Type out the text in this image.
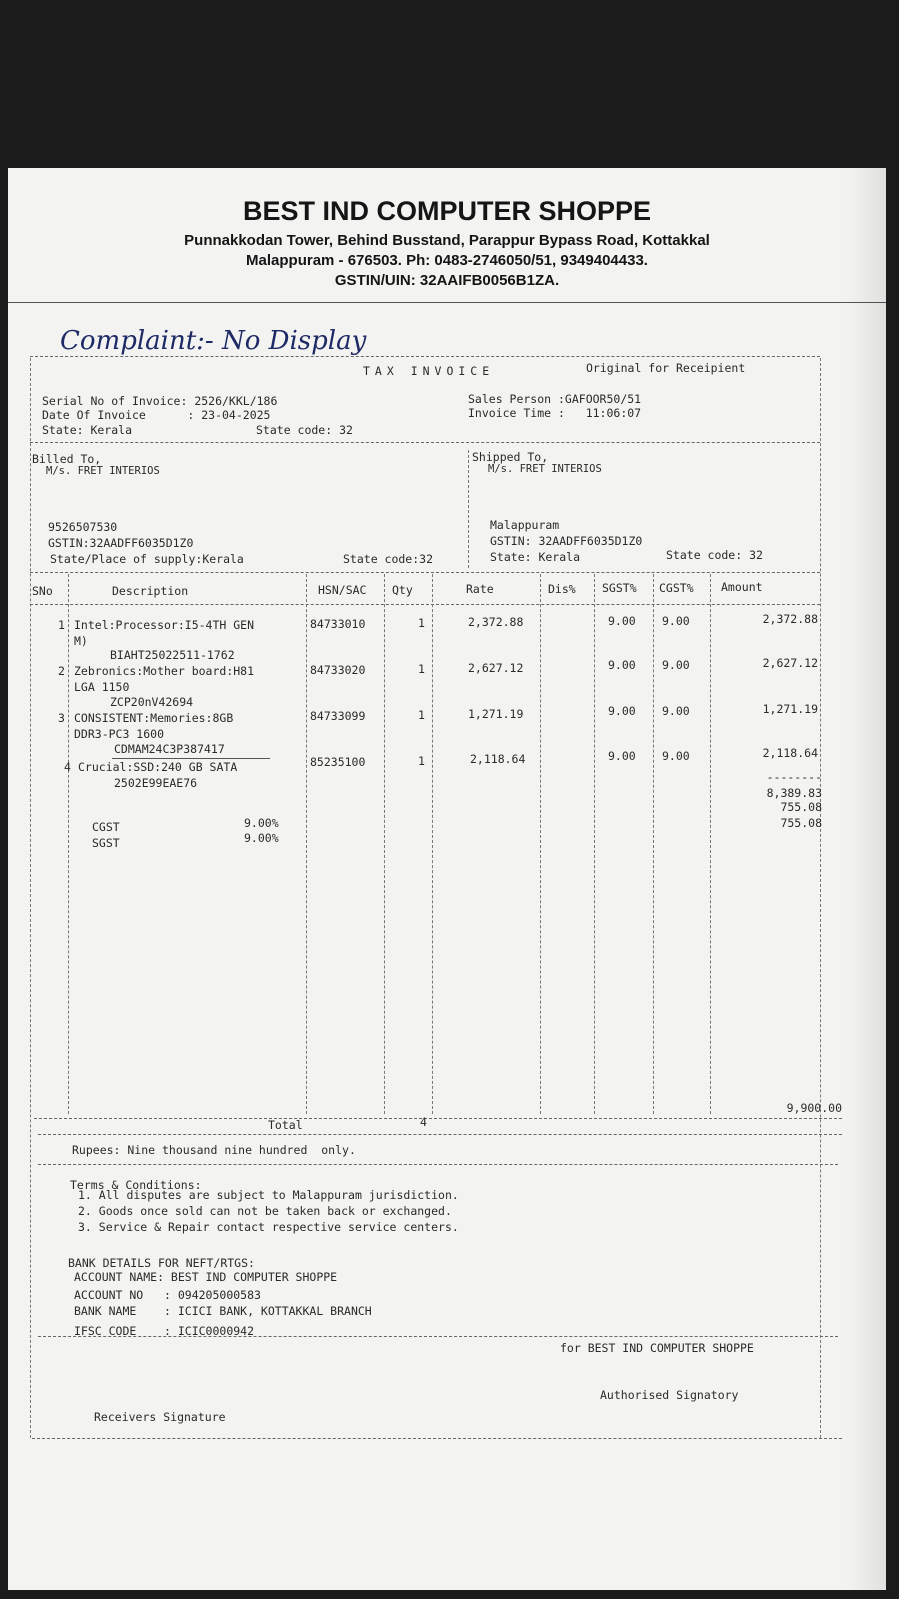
BEST IND COMPUTER SHOPPE
Punnakkodan Tower, Behind Busstand, Parappur Bypass Road, Kottakkal
Malappuram - 676503. Ph: 0483-2746050/51, 9349404433.
GSTIN/UIN: 32AAIFB0056B1ZA.
Complaint:- No Display
TAX INVOICE	Original for Receipient
Serial No of Invoice: 2526/KKL/186
Date Of Invoice      : 23-04-2025
State: Kerala	State code: 32
Sales Person :GAFOOR50/51
Invoice Time :   11:06:07
Billed To,
M/s. FRET INTERIOS
9526507530
GSTIN:32AADFF6035D1Z0
State/Place of supply:Kerala	State code:32
Shipped To,
M/s. FRET INTERIOS
Malappuram
GSTIN: 32AADFF6035D1Z0
State: Kerala	State code: 32
SNo	Description	HSN/SAC Qty	Rate	Dis% SGST% CGST% Amount
1 Intel:Processor:I5-4TH GEN
M)
BIAHT25022511-1762
84733010	1	2,372.88	9.00 9.00	2,372.88
2 Zebronics:Mother board:H81
LGA 1150
ZCP20nV42694
84733020	1	2,627.12	9.00 9.00	2,627.12
3 CONSISTENT:Memories:8GB
DDR3-PC3 1600
CDMAM24C3P387417
84733099	1	1,271.19	9.00 9.00	1,271.19
4 Crucial:SSD:240 GB SATA
2502E99EAE76
85235100	1	2,118.64	9.00 9.00	2,118.64
--------
8,389.83
CGST	9.00%
755.08
SGST	9.00%
755.08
9,900.00
Total	4
Rupees: Nine thousand nine hundred  only.
Terms & Conditions:
1. All disputes are subject to Malappuram jurisdiction.
2. Goods once sold can not be taken back or exchanged.
3. Service & Repair contact respective service centers.
BANK DETAILS FOR NEFT/RTGS:
ACCOUNT NAME: BEST IND COMPUTER SHOPPE
ACCOUNT NO   : 094205000583
BANK NAME    : ICICI BANK, KOTTAKKAL BRANCH
IFSC CODE    : ICIC0000942
for BEST IND COMPUTER SHOPPE
Authorised Signatory
Receivers Signature
